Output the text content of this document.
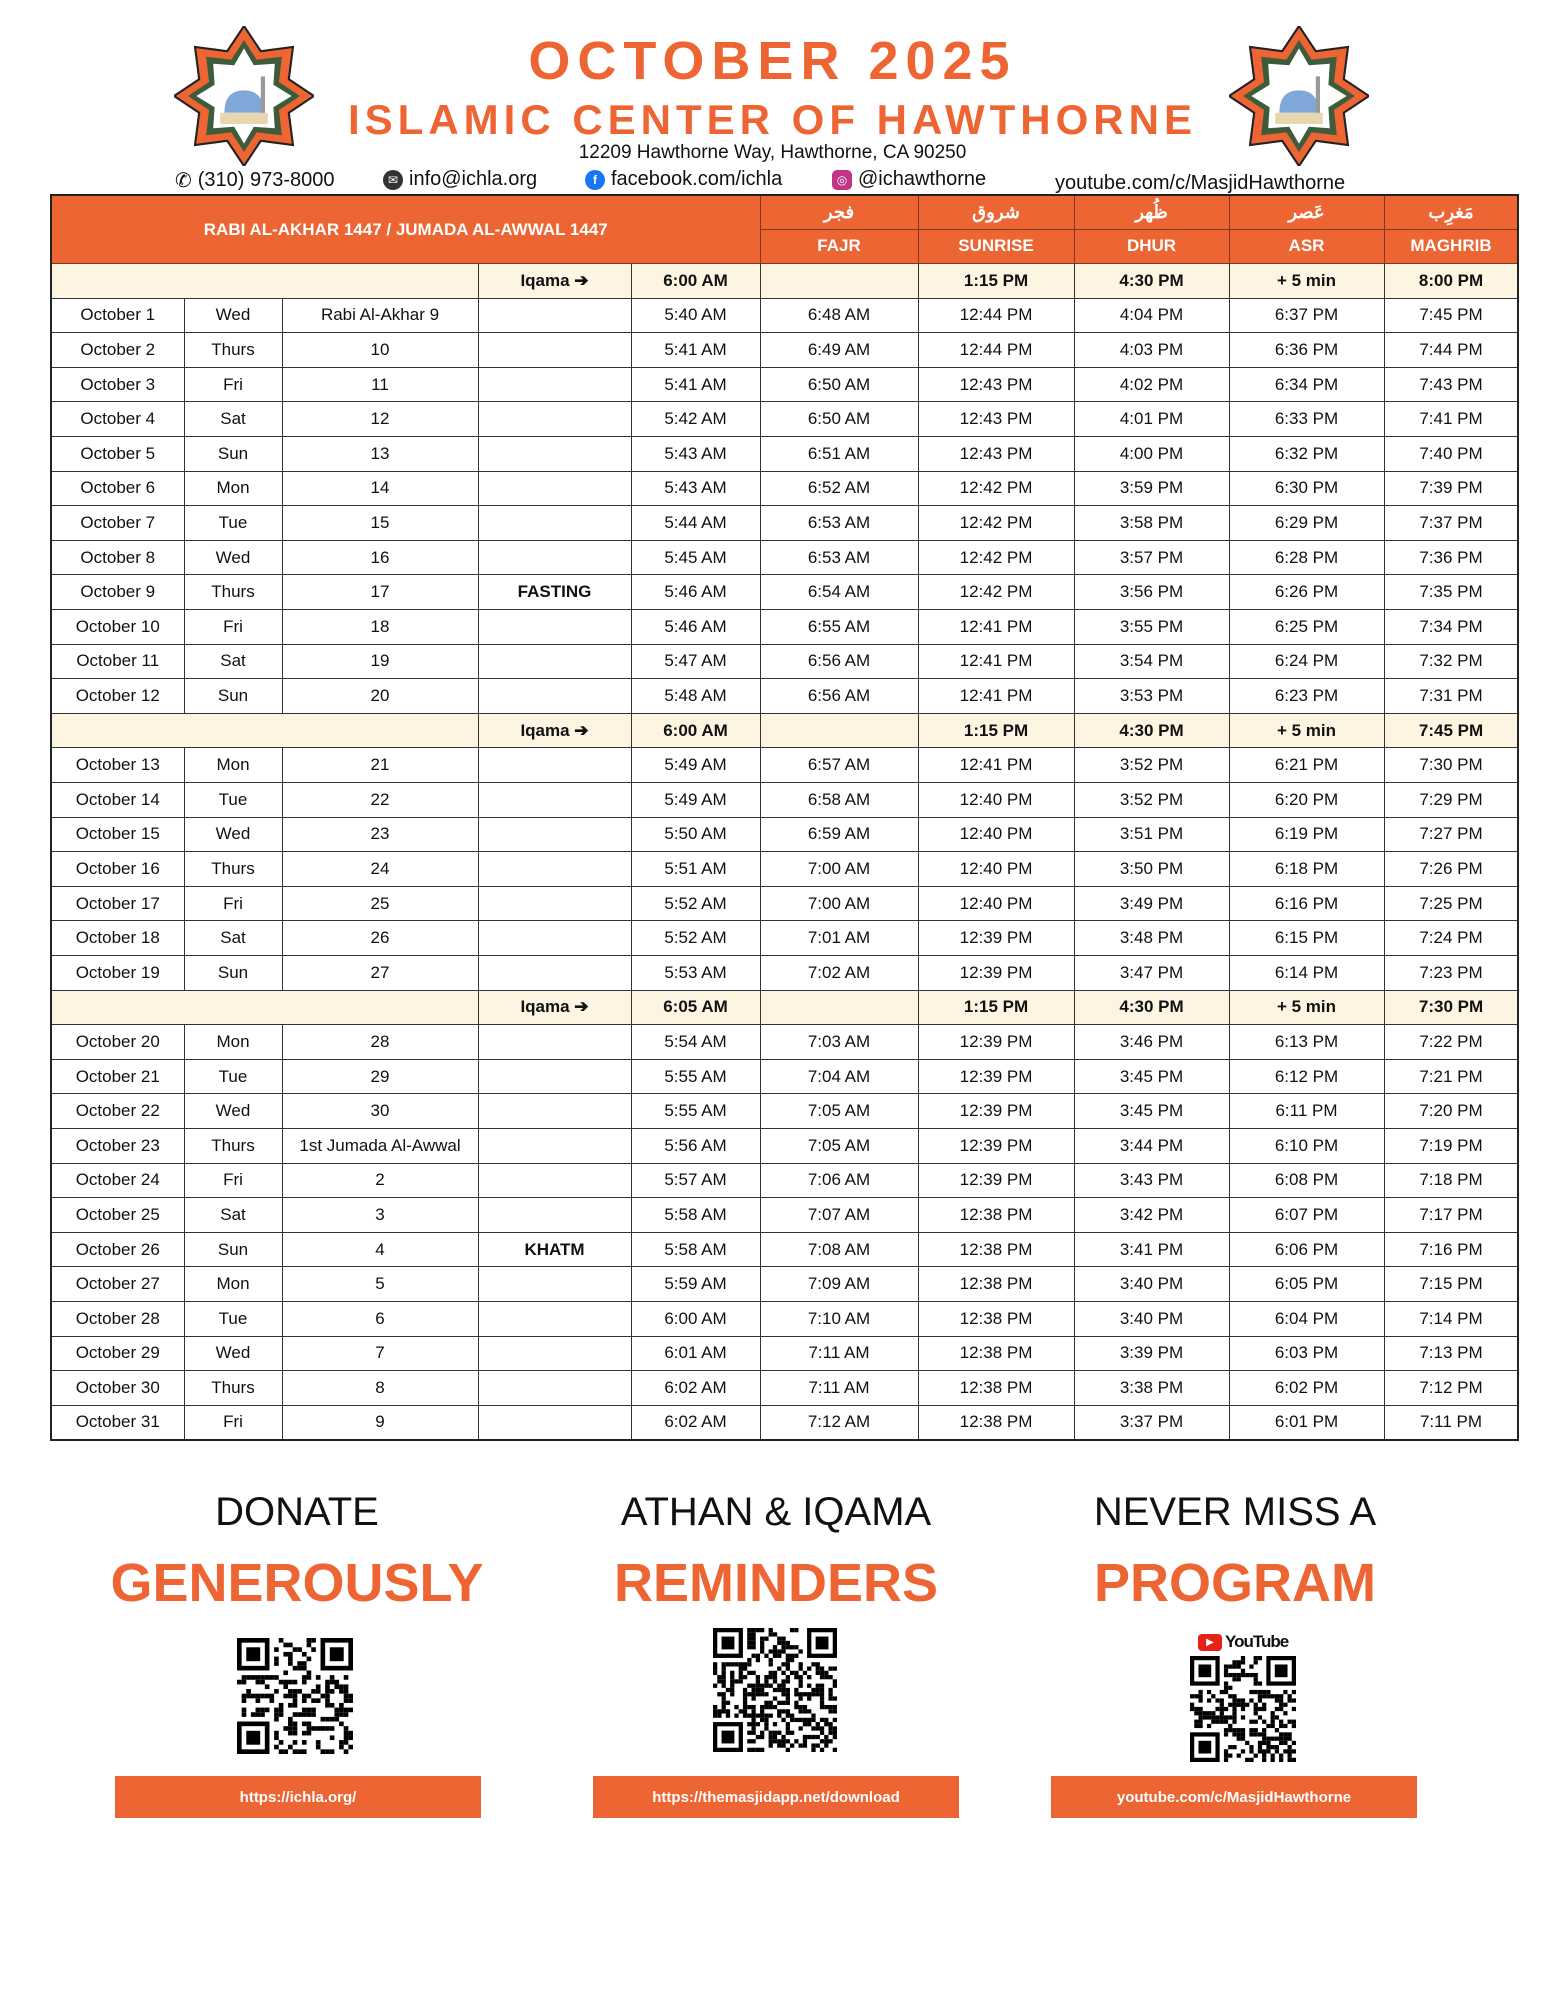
OCTOBER 2025
ISLAMIC CENTER OF HAWTHORNE
12209 Hawthorne Way, Hawthorne, CA 90250
✆ (310) 973-8000	✉ info@ichla.org	f facebook.com/ichla	◎ @ichawthorne	youtube.com/c/MasjidHawthorne
RABI AL-AKHAR 1447 / JUMADA AL-AWWAL 1447					فجر	شروق	ظُهر	عَصر	مَغرِب	
					FAJR	SUNRISE	DHUR	ASR	MAGHRIB	
			Iqama ➔	6:00 AM		1:15 PM	4:30 PM	+ 5 min	8:00 PM	
October 1	Wed	Rabi Al-Akhar 9		5:40 AM	6:48 AM	12:44 PM	4:04 PM	6:37 PM	7:45 PM	
October 2	Thurs	10		5:41 AM	6:49 AM	12:44 PM	4:03 PM	6:36 PM	7:44 PM	
October 3	Fri	11		5:41 AM	6:50 AM	12:43 PM	4:02 PM	6:34 PM	7:43 PM	
October 4	Sat	12		5:42 AM	6:50 AM	12:43 PM	4:01 PM	6:33 PM	7:41 PM	
October 5	Sun	13		5:43 AM	6:51 AM	12:43 PM	4:00 PM	6:32 PM	7:40 PM	
October 6	Mon	14		5:43 AM	6:52 AM	12:42 PM	3:59 PM	6:30 PM	7:39 PM	
October 7	Tue	15		5:44 AM	6:53 AM	12:42 PM	3:58 PM	6:29 PM	7:37 PM	
October 8	Wed	16		5:45 AM	6:53 AM	12:42 PM	3:57 PM	6:28 PM	7:36 PM	
October 9	Thurs	17	FASTING	5:46 AM	6:54 AM	12:42 PM	3:56 PM	6:26 PM	7:35 PM	
October 10	Fri	18		5:46 AM	6:55 AM	12:41 PM	3:55 PM	6:25 PM	7:34 PM	
October 11	Sat	19		5:47 AM	6:56 AM	12:41 PM	3:54 PM	6:24 PM	7:32 PM	
October 12	Sun	20		5:48 AM	6:56 AM	12:41 PM	3:53 PM	6:23 PM	7:31 PM	
			Iqama ➔	6:00 AM		1:15 PM	4:30 PM	+ 5 min	7:45 PM	
October 13	Mon	21		5:49 AM	6:57 AM	12:41 PM	3:52 PM	6:21 PM	7:30 PM	
October 14	Tue	22		5:49 AM	6:58 AM	12:40 PM	3:52 PM	6:20 PM	7:29 PM	
October 15	Wed	23		5:50 AM	6:59 AM	12:40 PM	3:51 PM	6:19 PM	7:27 PM	
October 16	Thurs	24		5:51 AM	7:00 AM	12:40 PM	3:50 PM	6:18 PM	7:26 PM	
October 17	Fri	25		5:52 AM	7:00 AM	12:40 PM	3:49 PM	6:16 PM	7:25 PM	
October 18	Sat	26		5:52 AM	7:01 AM	12:39 PM	3:48 PM	6:15 PM	7:24 PM	
October 19	Sun	27		5:53 AM	7:02 AM	12:39 PM	3:47 PM	6:14 PM	7:23 PM	
			Iqama ➔	6:05 AM		1:15 PM	4:30 PM	+ 5 min	7:30 PM	
October 20	Mon	28		5:54 AM	7:03 AM	12:39 PM	3:46 PM	6:13 PM	7:22 PM	
October 21	Tue	29		5:55 AM	7:04 AM	12:39 PM	3:45 PM	6:12 PM	7:21 PM	
October 22	Wed	30		5:55 AM	7:05 AM	12:39 PM	3:45 PM	6:11 PM	7:20 PM	
October 23	Thurs	1st Jumada Al-Awwal		5:56 AM	7:05 AM	12:39 PM	3:44 PM	6:10 PM	7:19 PM	
October 24	Fri	2		5:57 AM	7:06 AM	12:39 PM	3:43 PM	6:08 PM	7:18 PM	
October 25	Sat	3		5:58 AM	7:07 AM	12:38 PM	3:42 PM	6:07 PM	7:17 PM	
October 26	Sun	4	KHATM	5:58 AM	7:08 AM	12:38 PM	3:41 PM	6:06 PM	7:16 PM	
October 27	Mon	5		5:59 AM	7:09 AM	12:38 PM	3:40 PM	6:05 PM	7:15 PM	
October 28	Tue	6		6:00 AM	7:10 AM	12:38 PM	3:40 PM	6:04 PM	7:14 PM	
October 29	Wed	7		6:01 AM	7:11 AM	12:38 PM	3:39 PM	6:03 PM	7:13 PM	
October 30	Thurs	8		6:02 AM	7:11 AM	12:38 PM	3:38 PM	6:02 PM	7:12 PM	
October 31	Fri	9		6:02 AM	7:12 AM	12:38 PM	3:37 PM	6:01 PM	7:11 PM	
DONATE
GENEROUSLY
ATHAN & IQAMA
REMINDERS
NEVER MISS A
PROGRAM
▶ YouTube
https://ichla.org/	https://themasjidapp.net/download	youtube.com/c/MasjidHawthorne
